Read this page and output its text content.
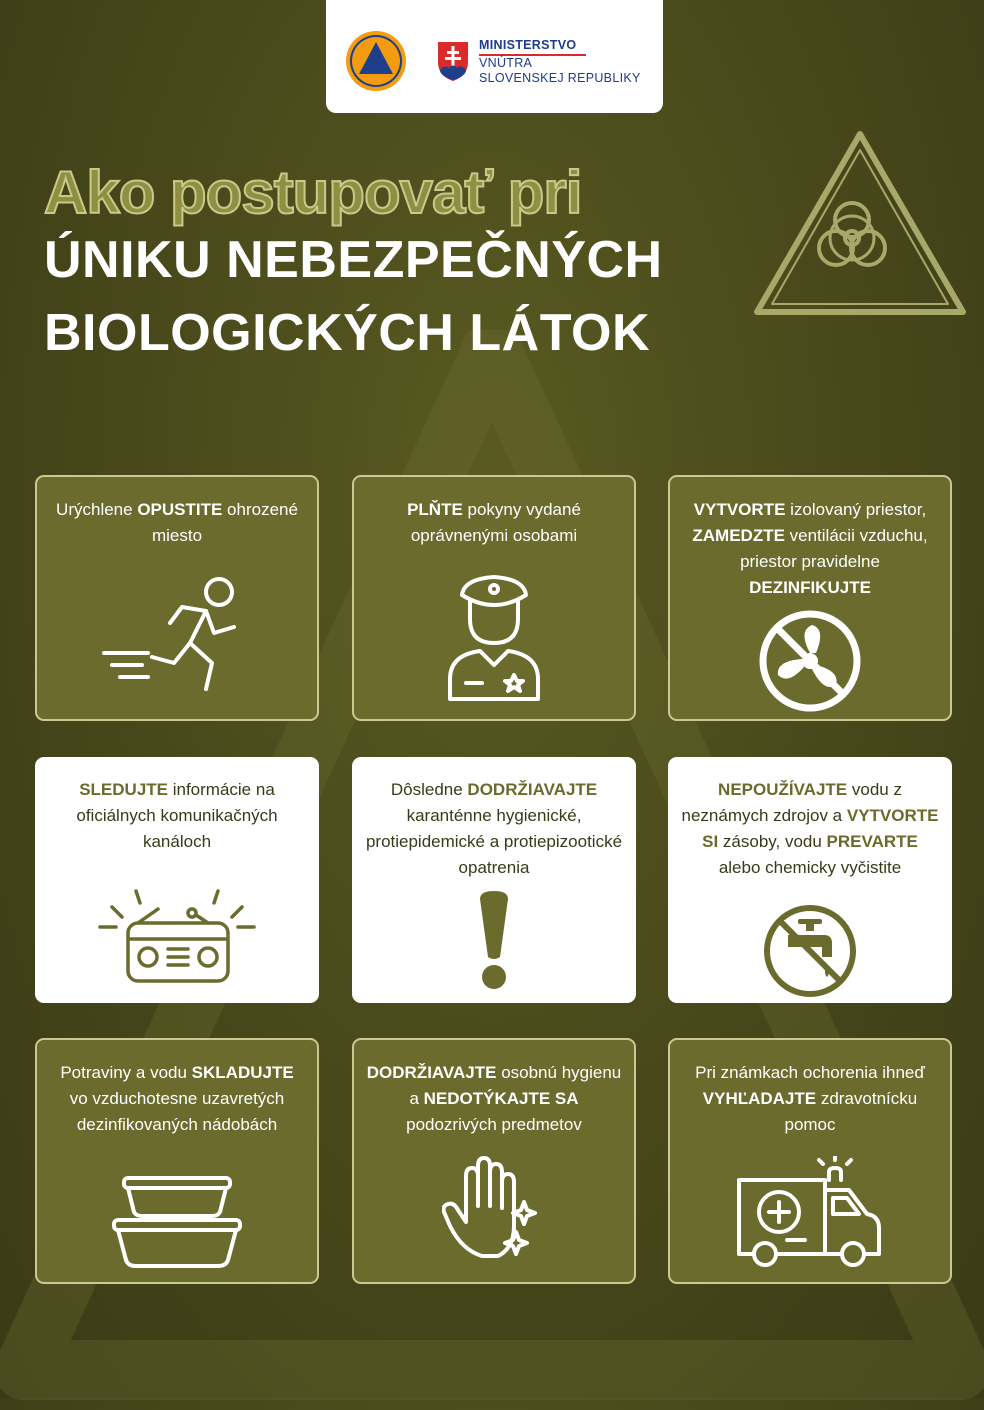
MINISTERSTVO
VNÚTRA
SLOVENSKEJ REPUBLIKY
Ako postupovať pri
ÚNIKU NEBEZPEČNÝCH
BIOLOGICKÝCH LÁTOK
Urýchlene OPUSTITE ohrozené miesto
PLŇTE pokyny vydané oprávnenými osobami
VYTVORTE izolovaný priestor, ZAMEDZTE ventilácii vzduchu, priestor pravidelne DEZINFIKUJTE
SLEDUJTE informácie na oficiálnych komunikačných kanáloch
Dôsledne DODRŽIAVAJTE karanténne hygienické, protiepidemické a protiepizootické opatrenia
NEPOUŽÍVAJTE vodu z neznámych zdrojov a VYTVORTE SI zásoby, vodu PREVARTE alebo chemicky vyčistite
Potraviny a vodu SKLADUJTE vo vzduchotesne uzavretých dezinfikovaných nádobách
DODRŽIAVAJTE osobnú hygienu a NEDOTÝKAJTE SA podozrivých predmetov
Pri známkach ochorenia ihneď VYHĽADAJTE zdravotnícku pomoc
